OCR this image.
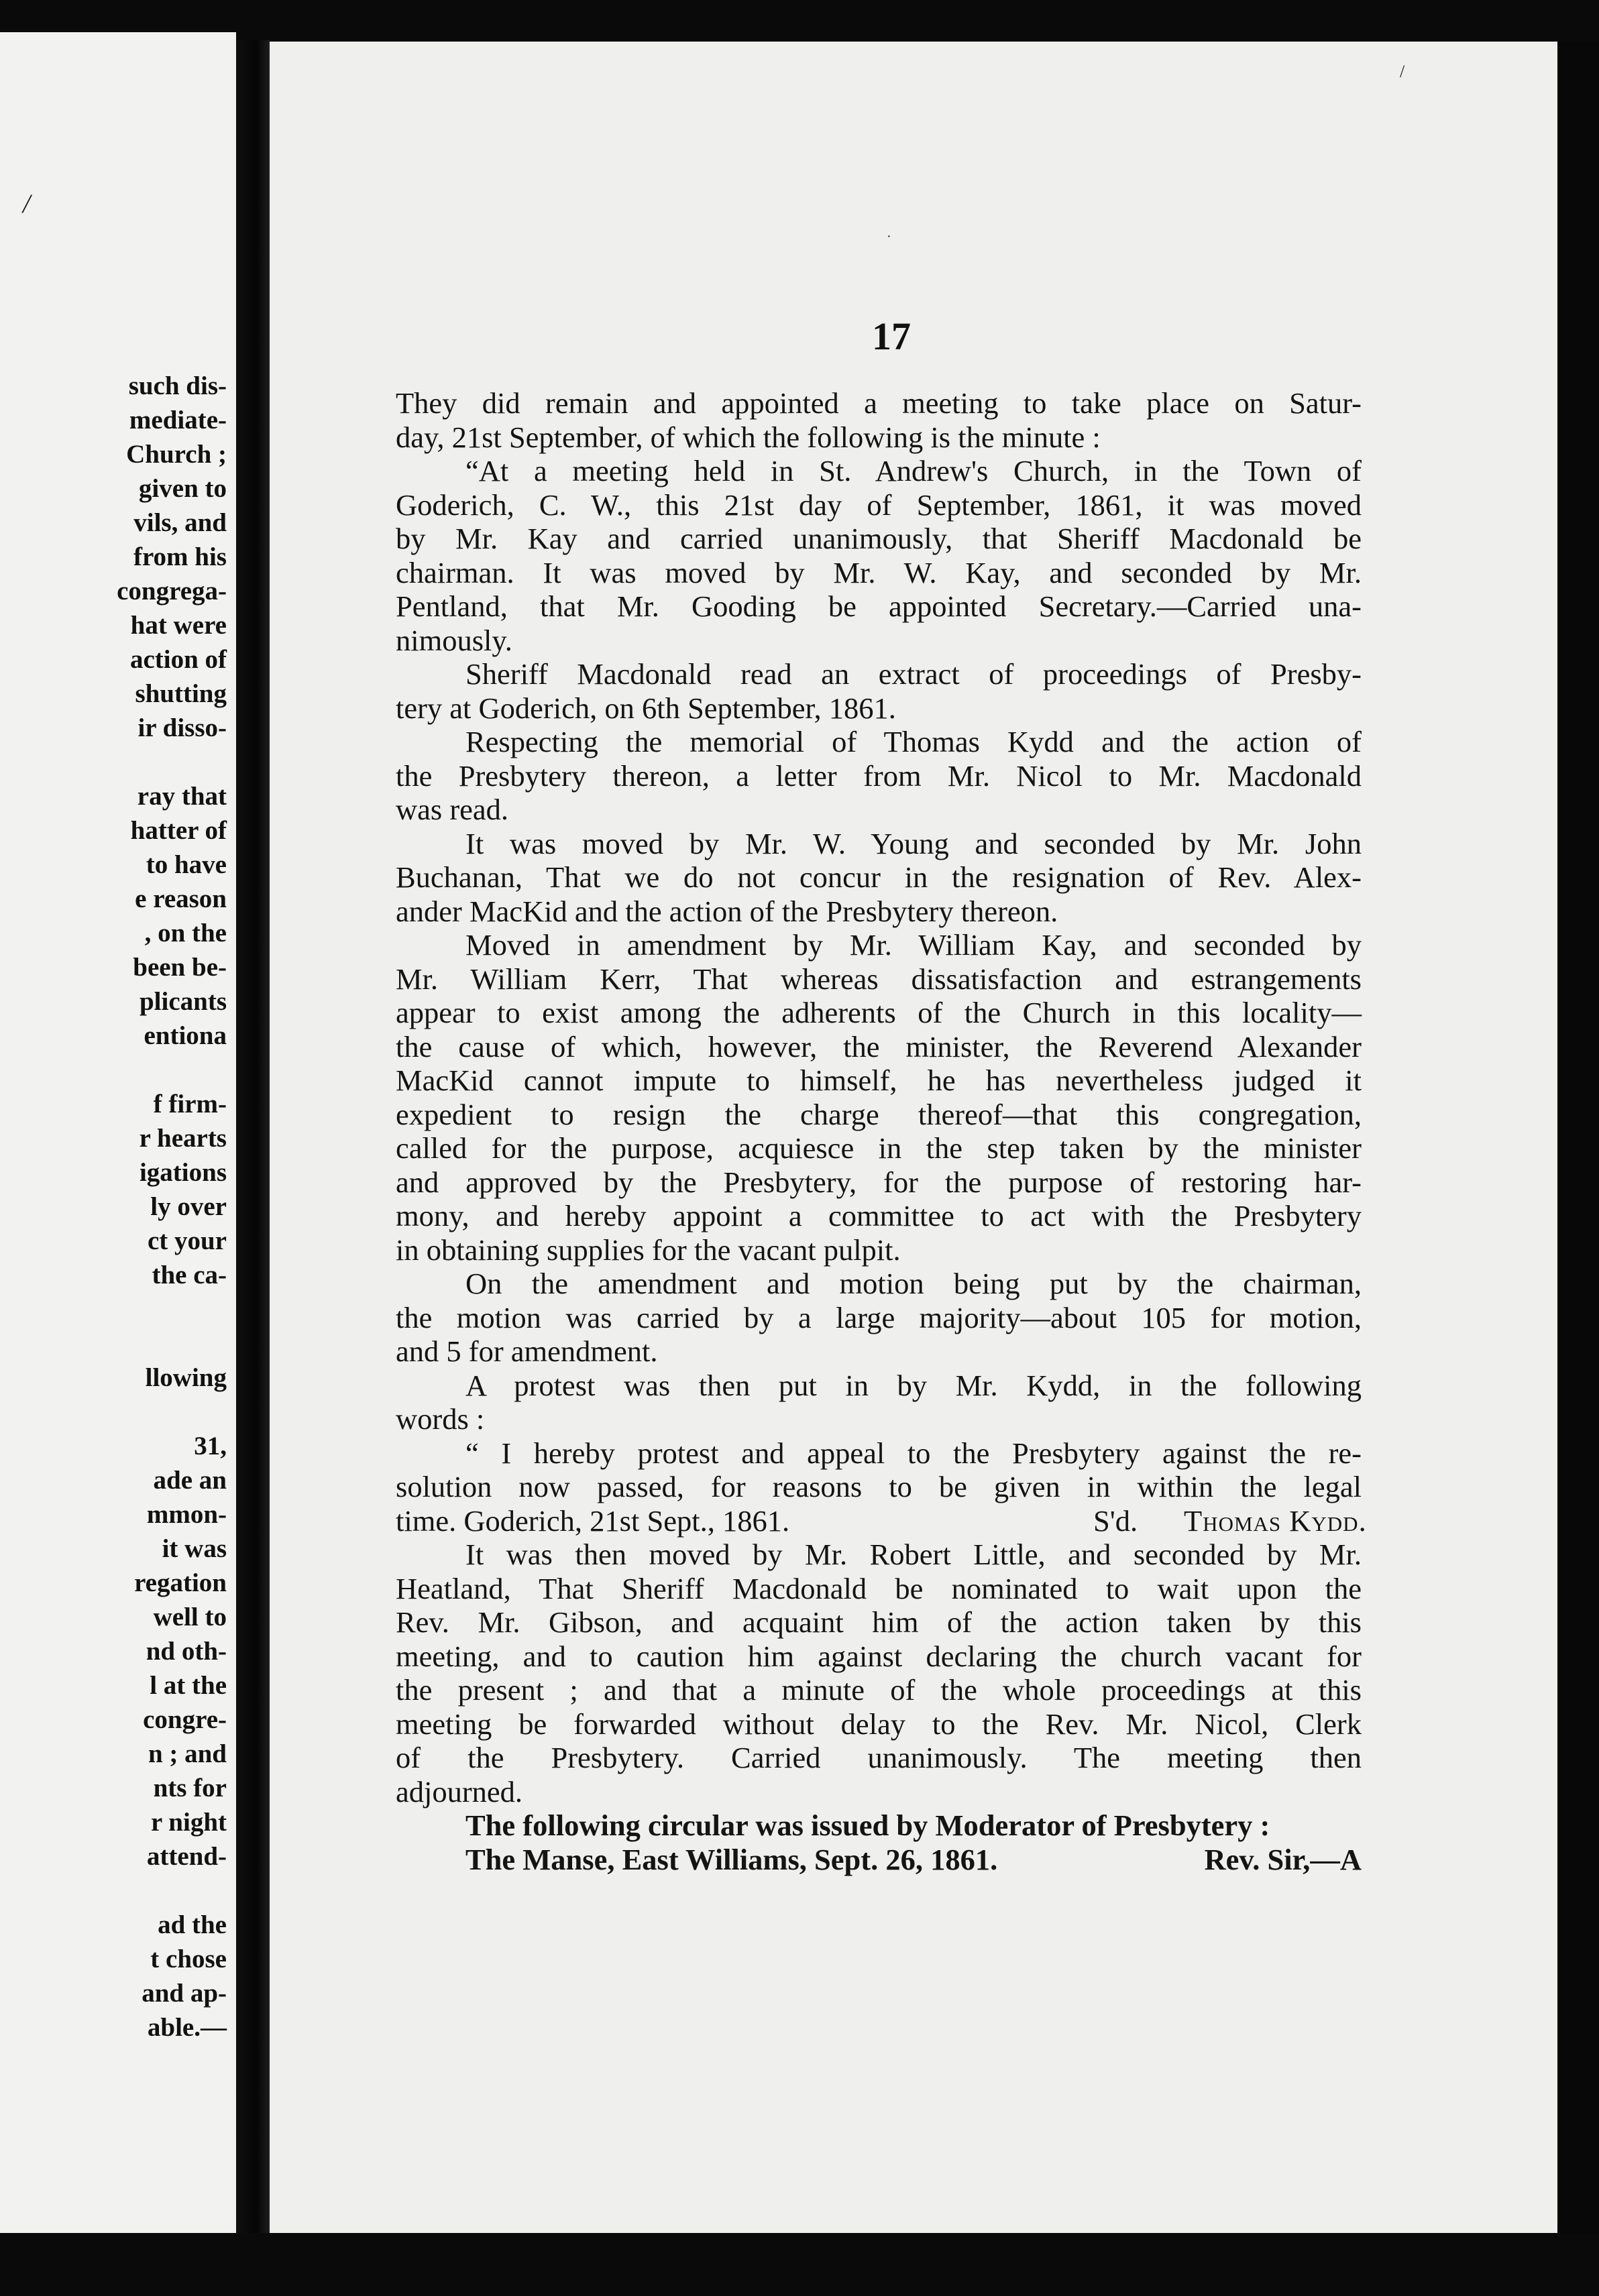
/
such dis-
mediate-
Church ;
given to
vils, and
from his
congrega-
hat were
action of
shutting
ir disso-
ray that
hatter of
to have
e reason
, on the
been be-
plicants
entiona
f firm-
r hearts
igations
ly over
ct your
the ca-
llowing
31,
ade an
mmon-
it was
regation
well to
nd oth-
l at the
congre-
n ; and
nts for
r night
attend-
ad the
t chose
and ap-
able.—
·
/
17
They did remain and appointed a meeting to take place on Satur-
day, 21st September, of which the following is the minute :
“At a meeting held in St. Andrew's Church, in the Town of
Goderich, C. W., this 21st day of September, 1861, it was moved
by Mr. Kay and carried unanimously, that Sheriff Macdonald be
chairman. It was moved by Mr. W. Kay, and seconded by Mr.
Pentland, that Mr. Gooding be appointed Secretary.—Carried una-
nimously.
Sheriff Macdonald read an extract of proceedings of Presby-
tery at Goderich, on 6th September, 1861.
Respecting the memorial of Thomas Kydd and the action of
the Presbytery thereon, a letter from Mr. Nicol to Mr. Macdonald
was read.
It was moved by Mr. W. Young and seconded by Mr. John
Buchanan, That we do not concur in the resignation of Rev. Alex-
ander MacKid and the action of the Presbytery thereon.
Moved in amendment by Mr. William Kay, and seconded by
Mr. William Kerr, That whereas dissatisfaction and estrangements
appear to exist among the adherents of the Church in this locality—
the cause of which, however, the minister, the Reverend Alexander
MacKid cannot impute to himself, he has nevertheless judged it
expedient to resign the charge thereof—that this congregation,
called for the purpose, acquiesce in the step taken by the minister
and approved by the Presbytery, for the purpose of restoring har-
mony, and hereby appoint a committee to act with the Presbytery
in obtaining supplies for the vacant pulpit.
On the amendment and motion being put by the chairman,
the motion was carried by a large majority—about 105 for motion,
and 5 for amendment.
A protest was then put in by Mr. Kydd, in the following
words :
“ I hereby protest and appeal to the Presbytery against the re-
solution now passed, for reasons to be given in within the legal
time. Goderich, 21st Sept., 1861.	S'd. Thomas Kydd.
It was then moved by Mr. Robert Little, and seconded by Mr.
Heatland, That Sheriff Macdonald be nominated to wait upon the
Rev. Mr. Gibson, and acquaint him of the action taken by this
meeting, and to caution him against declaring the church vacant for
the present ; and that a minute of the whole proceedings at this
meeting be forwarded without delay to the Rev. Mr. Nicol, Clerk
of the Presbytery. Carried unanimously. The meeting then
adjourned.
The following circular was issued by Moderator of Presbytery :
The Manse, East Williams, Sept. 26, 1861.	Rev. Sir,—A
